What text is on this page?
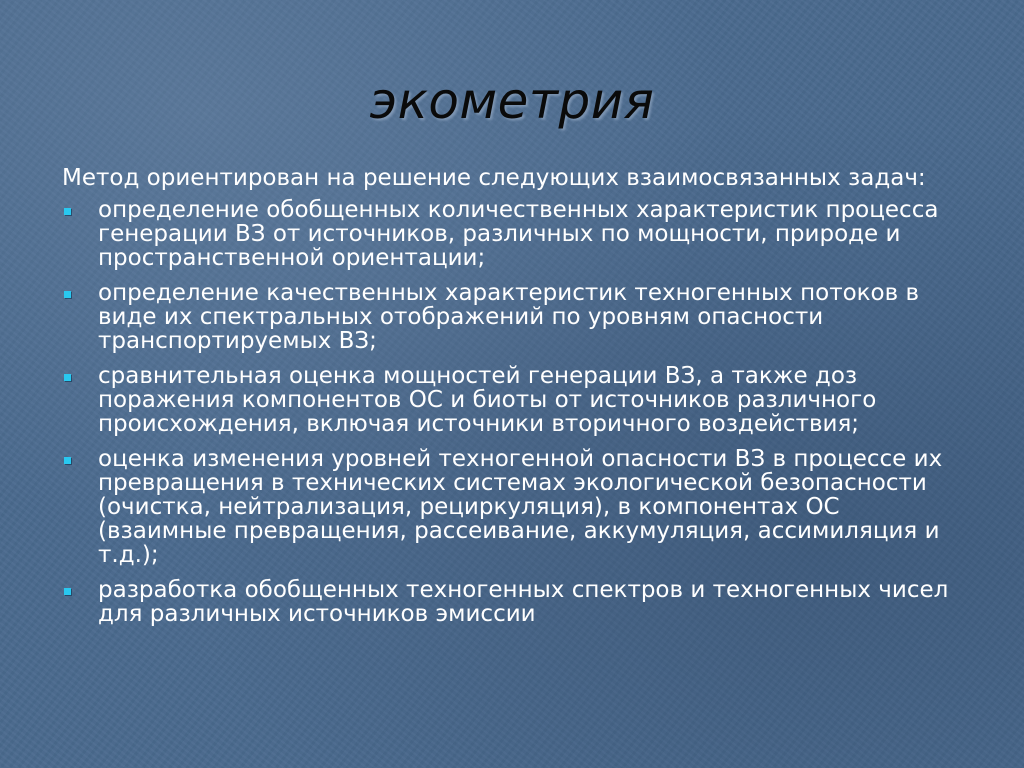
экометрия

Метод ориентирован на решение следующих взаимосвязанных задач:

определение обобщенных количественных характеристик процесса генерации ВЗ от источников, различных по мощности, природе и пространственной ориентации;
определение качественных характеристик техногенных потоков в виде их спектральных отображений по уровням опасности транспортируемых ВЗ;
сравнительная оценка мощностей генерации ВЗ, а также доз поражения компонентов ОС и биоты от источников различного происхождения, включая источники вторичного воздействия;
оценка изменения уровней техногенной опасности ВЗ в процессе их превращения в технических системах экологической безопасности (очистка, нейтрализация, рециркуляция), в компонентах ОС (взаимные превращения, рассеивание, аккумуляция, ассимиляция и т.д.);
разработка обобщенных техногенных спектров и техногенных чисел для различных источников эмиссии
